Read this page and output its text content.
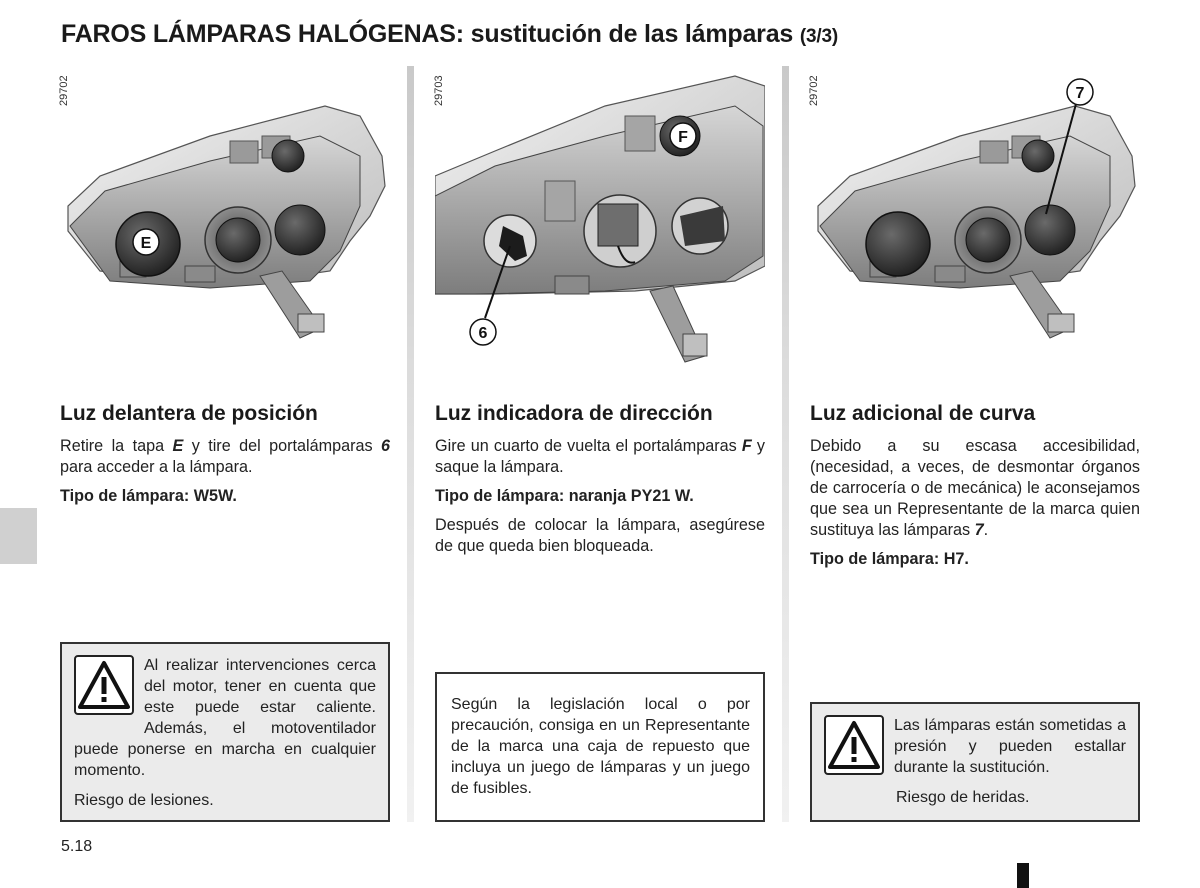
FAROS LÁMPARAS HALÓGENAS: sustitución de las lámparas (3/3)
E
29702
Luz delantera de posición

Retire la tapa E y tire del portalámparas 6 para acceder a la lámpara.

Tipo de lámpara: W5W.

Al realizar intervenciones cerca del motor, tener en cuenta que este puede estar caliente. Además, el motoventilador puede ponerse en marcha en cualquier momento.

Riesgo de lesiones.

F
6
29703
Luz indicadora de dirección

Gire un cuarto de vuelta el portalámparas F y saque la lámpara.

Tipo de lámpara: naranja PY21 W.

Después de colocar la lámpara, asegúrese de que queda bien bloqueada.

Según la legislación local o por precaución, consiga en un Representante de la marca una caja de repuesto que incluya un juego de lámparas y un juego de fusibles.

7
29702
Luz adicional de curva

Debido a su escasa accesibilidad, (necesidad, a veces, de desmontar órganos de carrocería o de mecánica) le aconsejamos que sea un Representante de la marca quien sustituya las lámparas 7.

Tipo de lámpara: H7.

Las lámparas están sometidas a presión y pueden estallar durante la sustitución.

Riesgo de heridas.

5.18
